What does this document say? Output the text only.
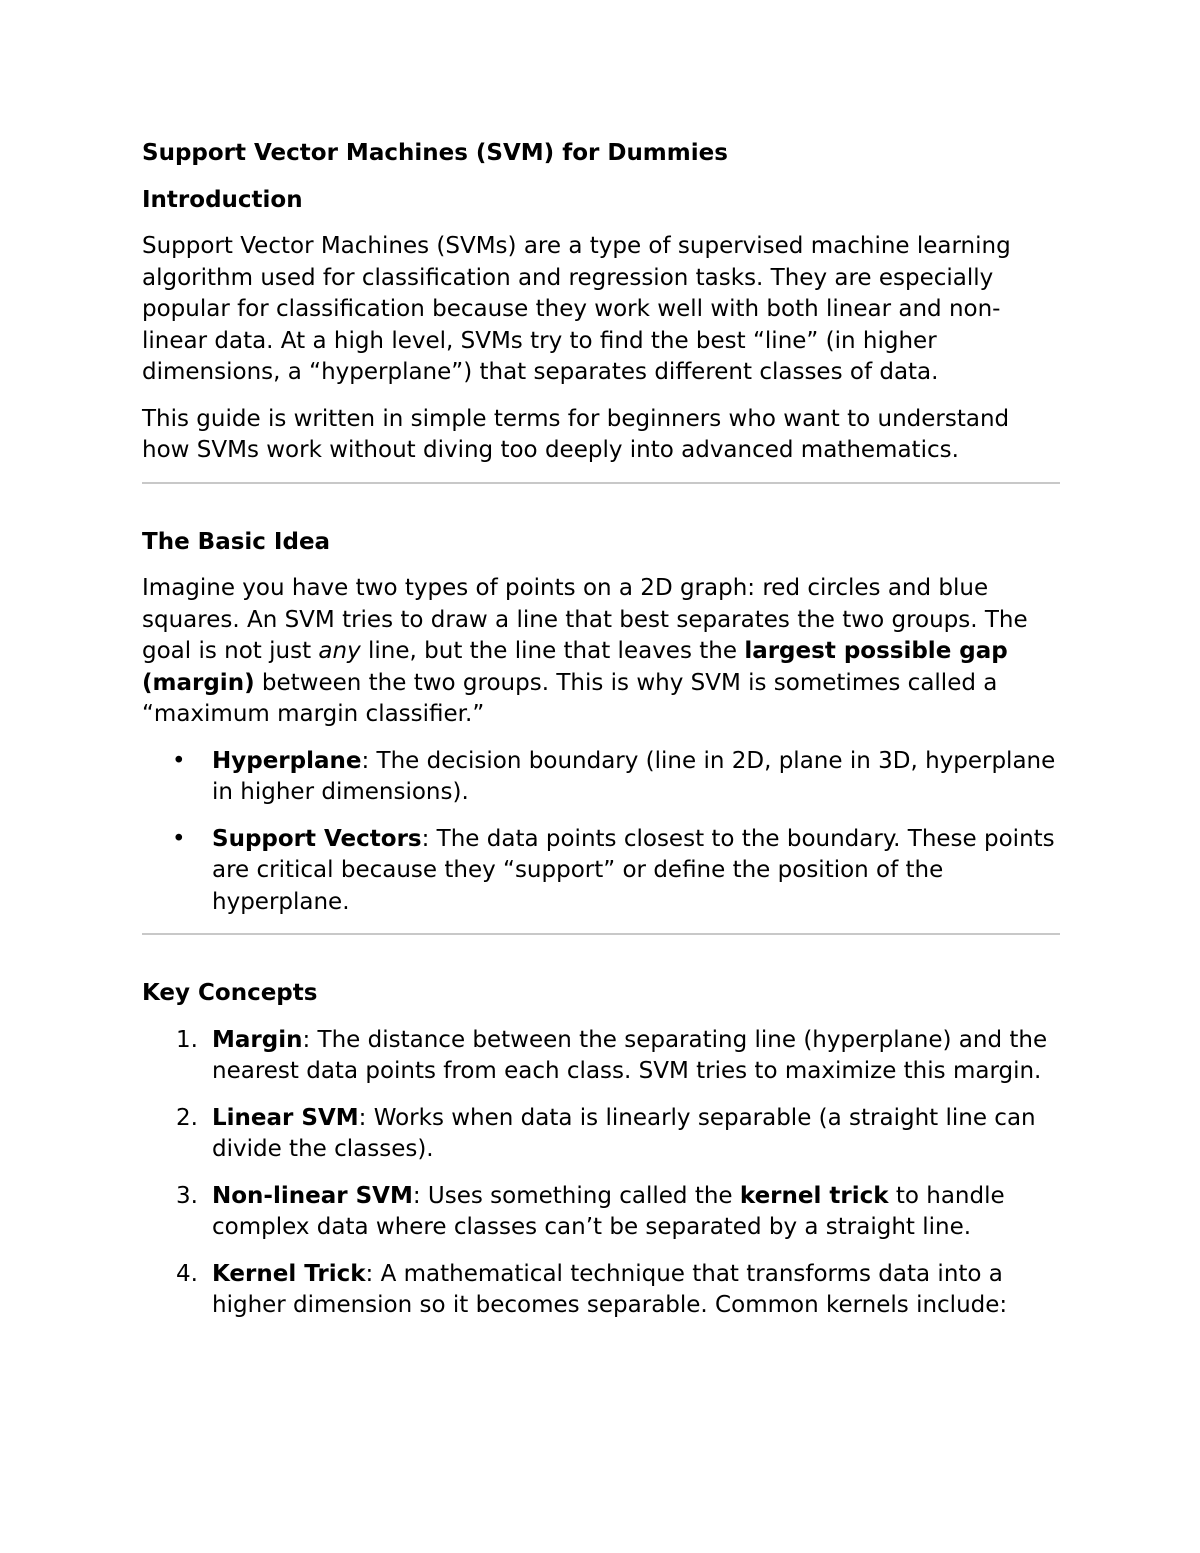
Support Vector Machines (SVM) for Dummies
Introduction

Support Vector Machines (SVMs) are a type of supervised machine learning algorithm used for classification and regression tasks. They are especially popular for classification because they work well with both linear and non-linear data. At a high level, SVMs try to find the best “line” (in higher dimensions, a “hyperplane”) that separates different classes of data.

This guide is written in simple terms for beginners who want to understand how SVMs work without diving too deeply into advanced mathematics.

The Basic Idea

Imagine you have two types of points on a 2D graph: red circles and blue squares. An SVM tries to draw a line that best separates the two groups. The goal is not just any line, but the line that leaves the largest possible gap (margin) between the two groups. This is why SVM is sometimes called a “maximum margin classifier.”

• Hyperplane: The decision boundary (line in 2D, plane in 3D, hyperplane in higher dimensions).
• Support Vectors: The data points closest to the boundary. These points are critical because they “support” or define the position of the hyperplane.
Key Concepts
1. Margin: The distance between the separating line (hyperplane) and the nearest data points from each class. SVM tries to maximize this margin.
2. Linear SVM: Works when data is linearly separable (a straight line can divide the classes).
3. Non-linear SVM: Uses something called the kernel trick to handle complex data where classes can’t be separated by a straight line.
4. Kernel Trick: A mathematical technique that transforms data into a higher dimension so it becomes separable. Common kernels include:
